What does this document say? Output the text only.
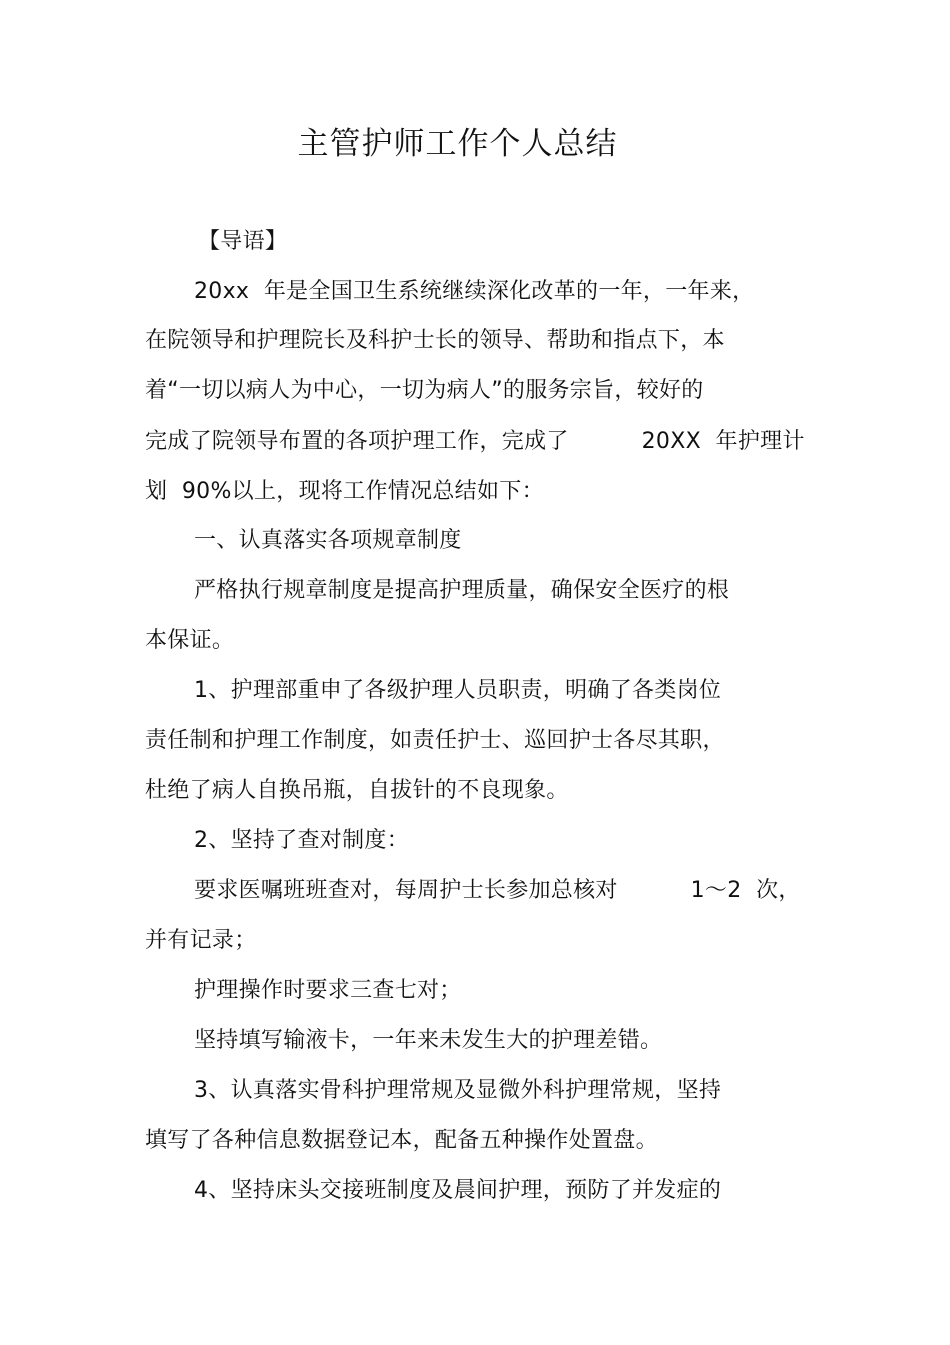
主管护师工作个人总结
【导语】
20xx  年是全国卫生系统继续深化改革的一年，一年来，
在院领导和护理院长及科护士长的领导、帮助和指点下，本
着“一切以病人为中心，一切为病人”的服务宗旨，较好的
完成了院领导布置的各项护理工作，完成了          20XX  年护理计
划  90%以上，现将工作情况总结如下：
一、认真落实各项规章制度
严格执行规章制度是提高护理质量，确保安全医疗的根
本保证。
1、护理部重申了各级护理人员职责，明确了各类岗位
责任制和护理工作制度，如责任护士、巡回护士各尽其职，
杜绝了病人自换吊瓶，自拔针的不良现象。
2、坚持了查对制度：
要求医嘱班班查对，每周护士长参加总核对          1～2  次，
并有记录；
护理操作时要求三查七对；
坚持填写输液卡，一年来未发生大的护理差错。
3、认真落实骨科护理常规及显微外科护理常规，坚持
填写了各种信息数据登记本，配备五种操作处置盘。
4、坚持床头交接班制度及晨间护理，预防了并发症的
